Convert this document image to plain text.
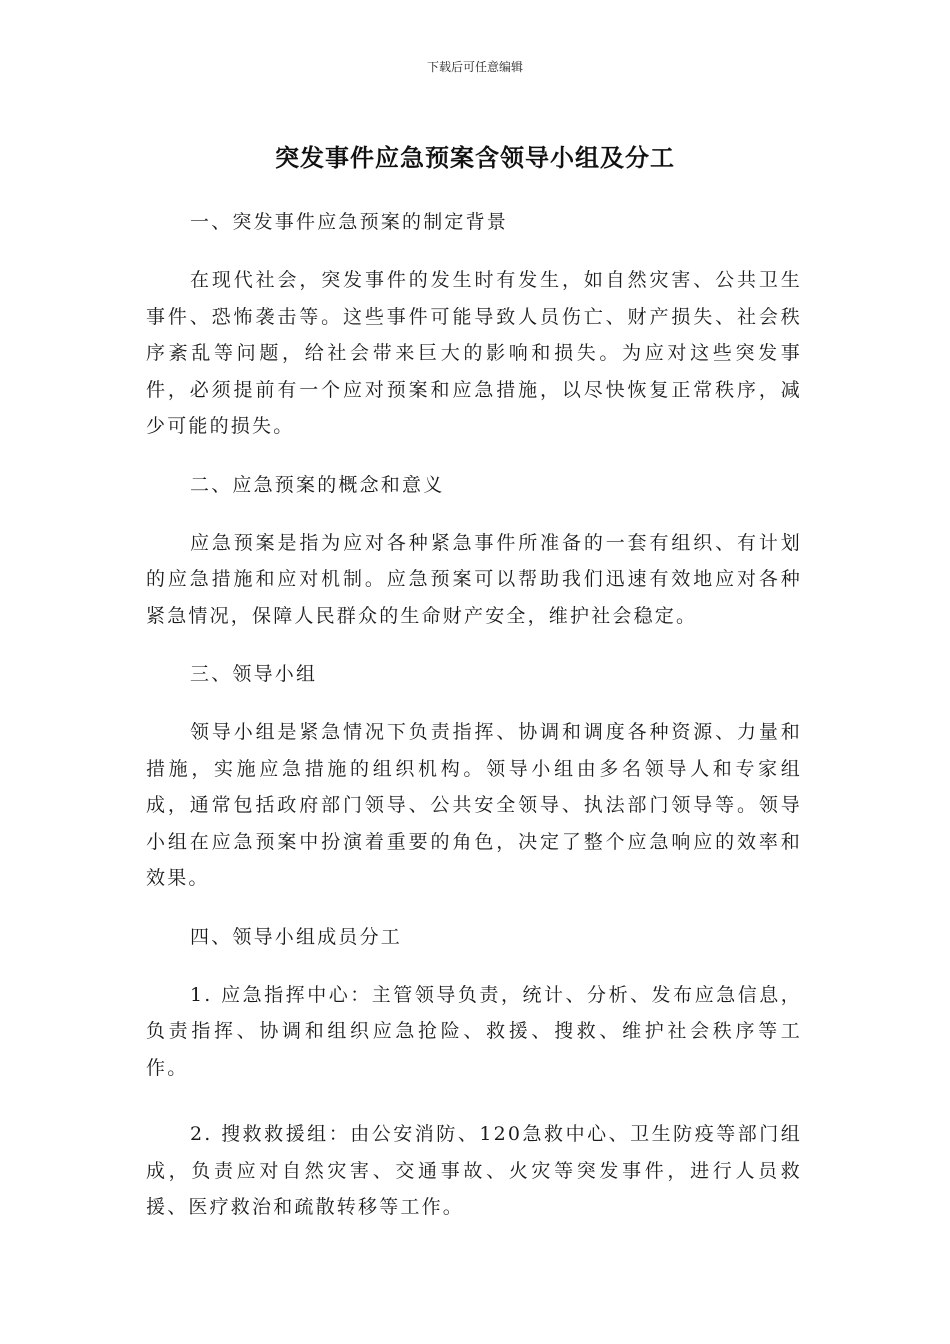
下载后可任意编辑
突发事件应急预案含领导小组及分工
一、突发事件应急预案的制定背景

在现代社会，突发事件的发生时有发生，如自然灾害、公共卫生事件、恐怖袭击等。这些事件可能导致人员伤亡、财产损失、社会秩序紊乱等问题，给社会带来巨大的影响和损失。为应对这些突发事件，必须提前有一个应对预案和应急措施，以尽快恢复正常秩序，减少可能的损失。

二、应急预案的概念和意义

应急预案是指为应对各种紧急事件所准备的一套有组织、有计划的应急措施和应对机制。应急预案可以帮助我们迅速有效地应对各种紧急情况，保障人民群众的生命财产安全，维护社会稳定。

三、领导小组

领导小组是紧急情况下负责指挥、协调和调度各种资源、力量和措施，实施应急措施的组织机构。领导小组由多名领导人和专家组成，通常包括政府部门领导、公共安全领导、执法部门领导等。领导小组在应急预案中扮演着重要的角色，决定了整个应急响应的效率和效果。

四、领导小组成员分工

1. 应急指挥中心：主管领导负责，统计、分析、发布应急信息，负责指挥、协调和组织应急抢险、救援、搜救、维护社会秩序等工作。

2. 搜救救援组：由公安消防、120急救中心、卫生防疫等部门组成，负责应对自然灾害、交通事故、火灾等突发事件，进行人员救援、医疗救治和疏散转移等工作。
